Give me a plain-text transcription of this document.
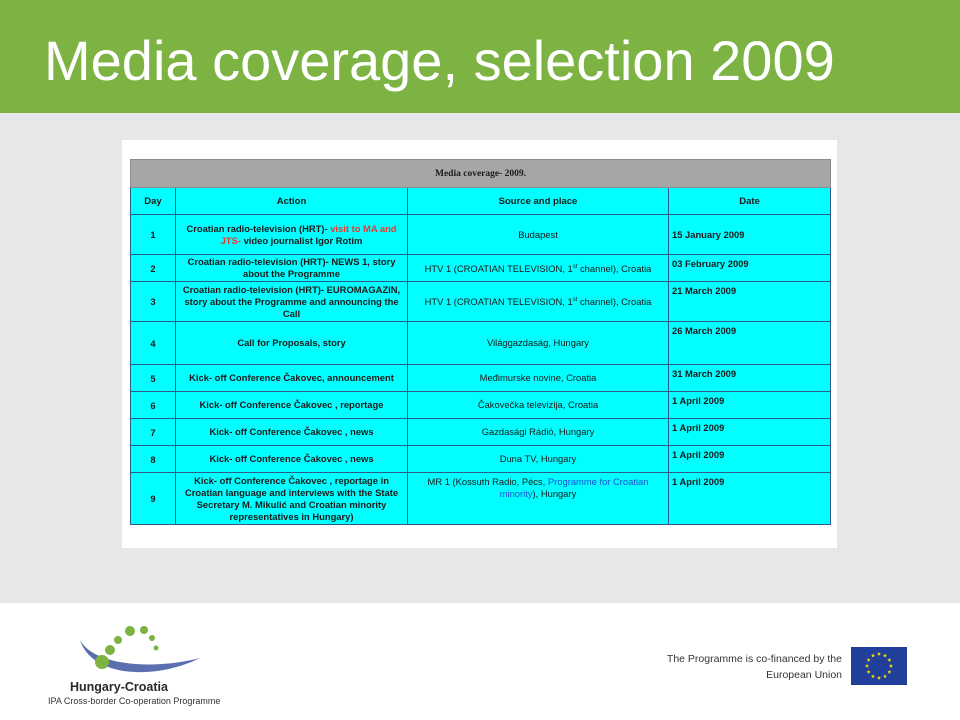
Media coverage, selection 2009
Media coverage- 2009.			
Day	Action	Source and place	Date
1	Croatian radio-television (HRT)- visit to MA and JTS- video journalist Igor Rotim	Budapest	15 January 2009
2	Croatian radio-television (HRT)- NEWS 1, story about the Programme	HTV 1 (CROATIAN TELEVISION, 1st channel), Croatia	03 February 2009
3	Croatian radio-television (HRT)- EUROMAGAZIN, story about the Programme and announcing the Call	HTV 1 (CROATIAN TELEVISION, 1st channel), Croatia	21 March 2009
4	Call for Proposals, story	Világgazdaság, Hungary	26 March 2009
5	Kick- off Conference Čakovec, announcement	Međimurske novine, Croatia	31 March 2009
6	Kick- off Conference Čakovec , reportage	Čakovečka televizija, Croatia	1 April 2009
7	Kick- off Conference Čakovec , news	Gazdasági Rádió, Hungary	1 April 2009
8	Kick- off Conference Čakovec , news	Duna TV, Hungary	1 April 2009
9	Kick- off Conference Čakovec , reportage in Croatian language and interviews with the State Secretary M. Mikulić and Croatian minority representatives in Hungary)	MR 1 (Kossuth Radio, Pécs, Programme for Croatian minority), Hungary	1 April 2009
Hungary-Croatia
IPA Cross-border Co-operation Programme
The Programme is co-financed by the
European Union
